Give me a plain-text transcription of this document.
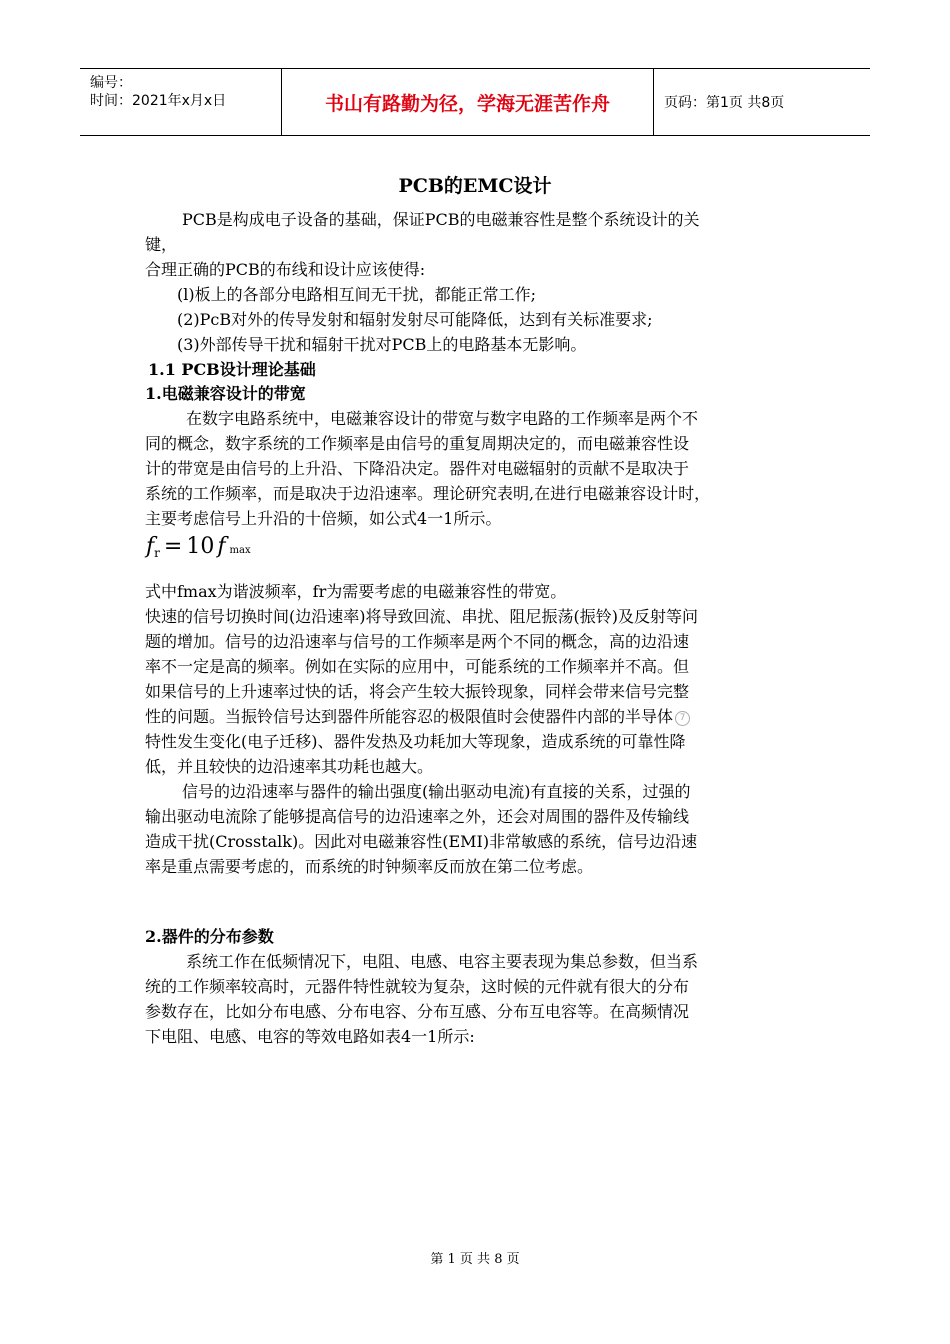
编号：
时间：2021年x月x日	书山有路勤为径，学海无涯苦作舟	页码：第1页 共8页
PCB的EMC设计
PCB是构成电子设备的基础，保证PCB的电磁兼容性是整个系统设计的关
键，
合理正确的PCB的布线和设计应该使得:
(l)板上的各部分电路相互间无干扰，都能正常工作;
(2)PcB对外的传导发射和辐射发射尽可能降低，达到有关标准要求;
(3)外部传导干扰和辐射干扰对PCB上的电路基本无影响。
1.1 PCB设计理论基础
1.电磁兼容设计的带宽
在数字电路系统中，电磁兼容设计的带宽与数字电路的工作频率是两个不
同的概念，数字系统的工作频率是由信号的重复周期决定的，而电磁兼容性设
计的带宽是由信号的上升沿、下降沿决定。器件对电磁辐射的贡献不是取决于
系统的工作频率，而是取决于边沿速率。理论研究表明,在进行电磁兼容设计时，
主要考虑信号上升沿的十倍频，如公式4一1所示。
$f_r = 10$ f max
式中fmax为谐波频率，fr为需要考虑的电磁兼容性的带宽。
快速的信号切换时间(边沿速率)将导致回流、串扰、阻尼振荡(振铃)及反射等问
题的增加。信号的边沿速率与信号的工作频率是两个不同的概念，高的边沿速
率不一定是高的频率。例如在实际的应用中，可能系统的工作频率并不高。但
如果信号的上升速率过快的话，将会产生较大振铃现象，同样会带来信号完整
性的问题。当振铃信号达到器件所能容忍的极限值时会使器件内部的半导体 7
特性发生变化(电子迁移)、器件发热及功耗加大等现象，造成系统的可靠性降
低，并且较快的边沿速率其功耗也越大。
信号的边沿速率与器件的输出强度(输出驱动电流)有直接的关系，过强的
输出驱动电流除了能够提高信号的边沿速率之外，还会对周围的器件及传输线
造成干扰(Crosstalk)。因此对电磁兼容性(EMI)非常敏感的系统，信号边沿速
率是重点需要考虑的，而系统的时钟频率反而放在第二位考虑。
2.器件的分布参数
系统工作在低频情况下，电阻、电感、电容主要表现为集总参数，但当系
统的工作频率较高时，元器件特性就较为复杂，这时候的元件就有很大的分布
参数存在，比如分布电感、分布电容、分布互感、分布互电容等。在高频情况
下电阻、电感、电容的等效电路如表4一1所示:
第 1 页 共 8 页
